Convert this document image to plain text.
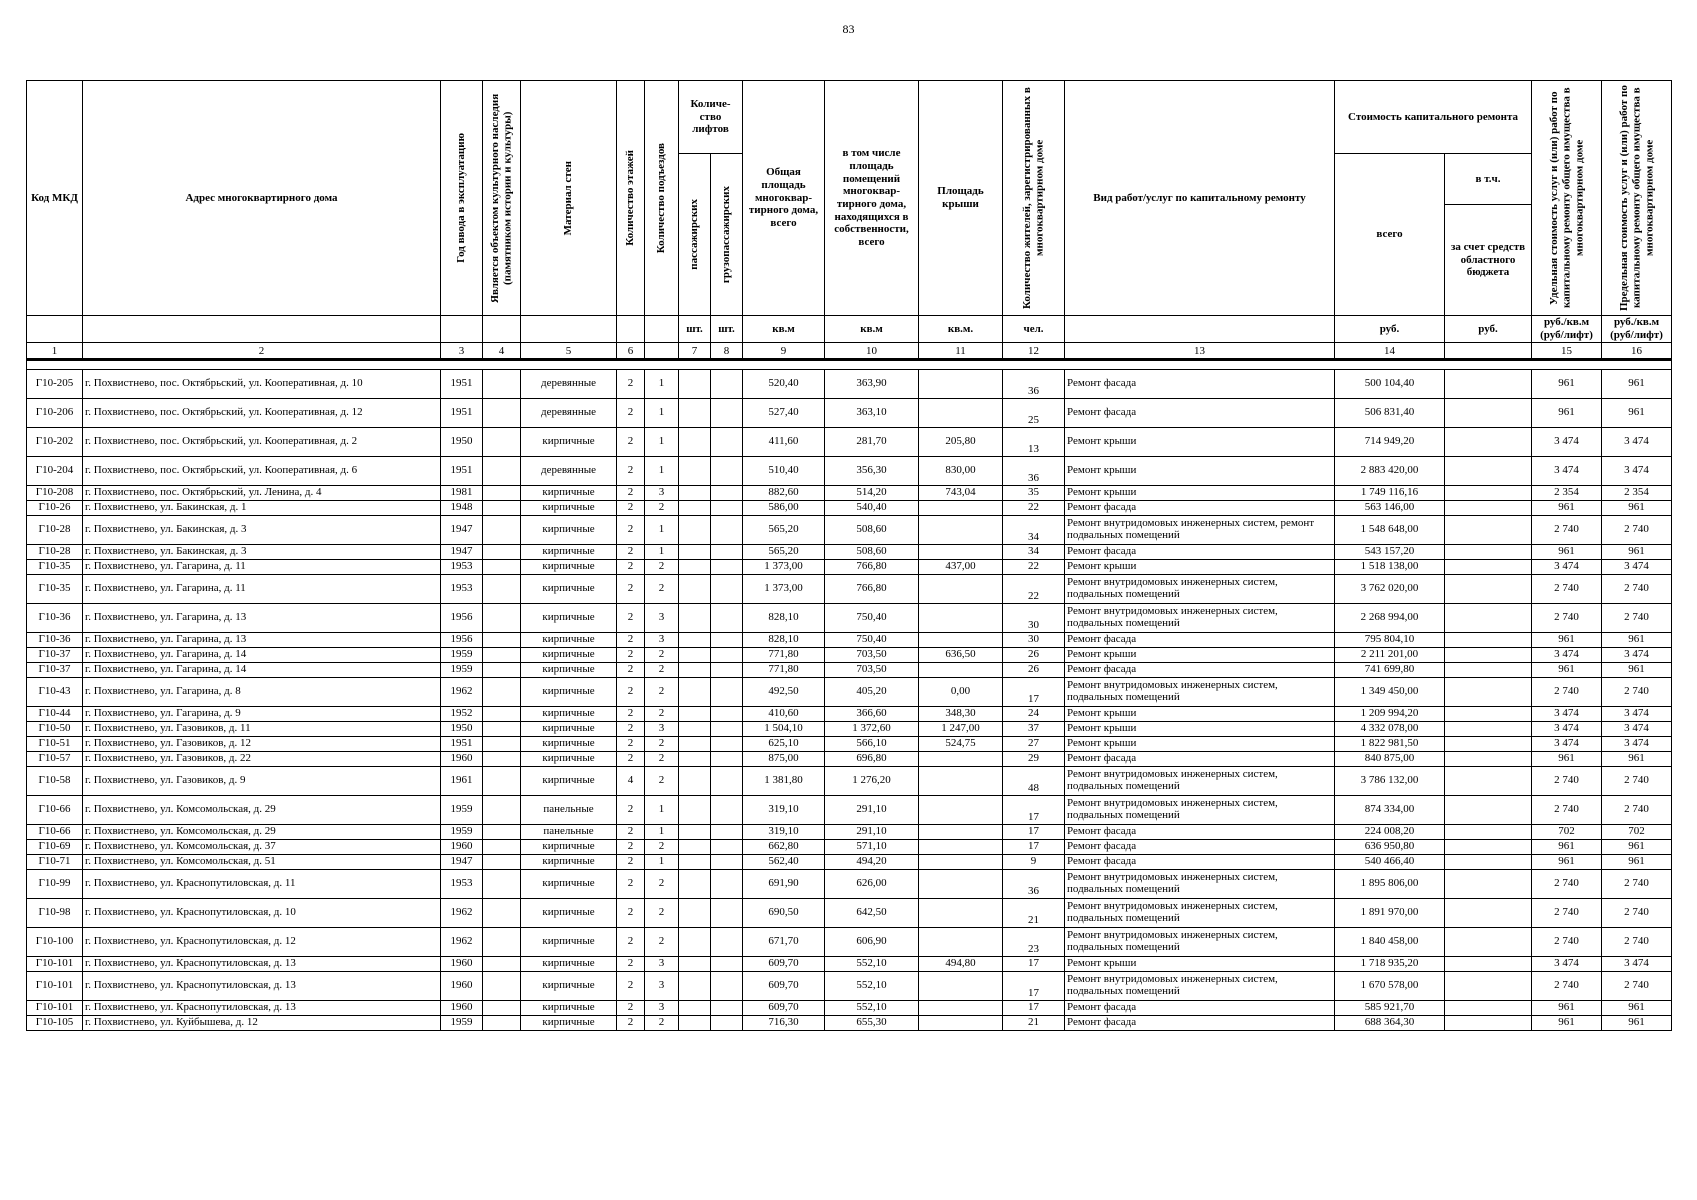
83
Код МКД	Адрес многоквартирного дома	Год ввода в эксплуатацию	Является объектом культурного наследия (памятником истории и культуры)	Материал стен	Количество этажей	Количество подъездов	Количе-ство лифтов		Общая площадь многоквар-тирного дома, всего	в том числе площадь помещений многоквар-тирного дома, находящихся в собственности, всего	Площадь крыши	Количество жителей, зарегистрированных в многоквартирном доме	Вид работ/услуг по капитальному ремонту	Стоимость капитального ремонта		Удельная стоимость услуг и (или) работ по капитальному ремонту общего имущества в многоквартирном доме	Предельная стоимость услуг и (или) работ по капитальному ремонту общего имущества в многоквартирном доме

							пассажирских	грузопассажирских						всего	в т.ч.		
															за счет средств областного бюджета		
							шт.	шт.	кв.м	кв.м	кв.м.	чел.		руб.	руб.	руб./кв.м (руб/лифт)	руб./кв.м (руб/лифт)
1	2	3	4	5	6		7	8	9	10	11	12	13	14		15	16

Г10-205	г. Похвистнево, пос. Октябрьский, ул. Кооперативная, д. 10	1951		деревянные	2	1			520,40	363,90		36	Ремонт фасада	500 104,40		961	961
Г10-206	г. Похвистнево, пос. Октябрьский, ул. Кооперативная, д. 12	1951		деревянные	2	1			527,40	363,10		25	Ремонт фасада	506 831,40		961	961
Г10-202	г. Похвистнево, пос. Октябрьский, ул. Кооперативная, д. 2	1950		кирпичные	2	1			411,60	281,70	205,80	13	Ремонт крыши	714 949,20		3 474	3 474
Г10-204	г. Похвистнево, пос. Октябрьский, ул. Кооперативная, д. 6	1951		деревянные	2	1			510,40	356,30	830,00	36	Ремонт крыши	2 883 420,00		3 474	3 474
Г10-208	г. Похвистнево, пос. Октябрьский, ул. Ленина, д. 4	1981		кирпичные	2	3			882,60	514,20	743,04	35	Ремонт крыши	1 749 116,16		2 354	2 354
Г10-26	г. Похвистнево, ул. Бакинская, д. 1	1948		кирпичные	2	2			586,00	540,40		22	Ремонт фасада	563 146,00		961	961
Г10-28	г. Похвистнево, ул. Бакинская, д. 3	1947		кирпичные	2	1			565,20	508,60		34	Ремонт внутридомовых инженерных систем, ремонт подвальных помещений	1 548 648,00		2 740	2 740
Г10-28	г. Похвистнево, ул. Бакинская, д. 3	1947		кирпичные	2	1			565,20	508,60		34	Ремонт фасада	543 157,20		961	961
Г10-35	г. Похвистнево, ул. Гагарина, д. 11	1953		кирпичные	2	2			1 373,00	766,80	437,00	22	Ремонт крыши	1 518 138,00		3 474	3 474
Г10-35	г. Похвистнево, ул. Гагарина, д. 11	1953		кирпичные	2	2			1 373,00	766,80		22	Ремонт внутридомовых инженерных систем, подвальных помещений	3 762 020,00		2 740	2 740
Г10-36	г. Похвистнево, ул. Гагарина, д. 13	1956		кирпичные	2	3			828,10	750,40		30	Ремонт внутридомовых инженерных систем, подвальных помещений	2 268 994,00		2 740	2 740
Г10-36	г. Похвистнево, ул. Гагарина, д. 13	1956		кирпичные	2	3			828,10	750,40		30	Ремонт фасада	795 804,10		961	961
Г10-37	г. Похвистнево, ул. Гагарина, д. 14	1959		кирпичные	2	2			771,80	703,50	636,50	26	Ремонт крыши	2 211 201,00		3 474	3 474
Г10-37	г. Похвистнево, ул. Гагарина, д. 14	1959		кирпичные	2	2			771,80	703,50		26	Ремонт фасада	741 699,80		961	961
Г10-43	г. Похвистнево, ул. Гагарина, д. 8	1962		кирпичные	2	2			492,50	405,20	0,00	17	Ремонт внутридомовых инженерных систем, подвальных помещений	1 349 450,00		2 740	2 740
Г10-44	г. Похвистнево, ул. Гагарина, д. 9	1952		кирпичные	2	2			410,60	366,60	348,30	24	Ремонт крыши	1 209 994,20		3 474	3 474
Г10-50	г. Похвистнево, ул. Газовиков, д. 11	1950		кирпичные	2	3			1 504,10	1 372,60	1 247,00	37	Ремонт крыши	4 332 078,00		3 474	3 474
Г10-51	г. Похвистнево, ул. Газовиков, д. 12	1951		кирпичные	2	2			625,10	566,10	524,75	27	Ремонт крыши	1 822 981,50		3 474	3 474
Г10-57	г. Похвистнево, ул. Газовиков, д. 22	1960		кирпичные	2	2			875,00	696,80		29	Ремонт фасада	840 875,00		961	961
Г10-58	г. Похвистнево, ул. Газовиков, д. 9	1961		кирпичные	4	2			1 381,80	1 276,20		48	Ремонт внутридомовых инженерных систем, подвальных помещений	3 786 132,00		2 740	2 740
Г10-66	г. Похвистнево, ул. Комсомольская, д. 29	1959		панельные	2	1			319,10	291,10		17	Ремонт внутридомовых инженерных систем, подвальных помещений	874 334,00		2 740	2 740
Г10-66	г. Похвистнево, ул. Комсомольская, д. 29	1959		панельные	2	1			319,10	291,10		17	Ремонт фасада	224 008,20		702	702
Г10-69	г. Похвистнево, ул. Комсомольская, д. 37	1960		кирпичные	2	2			662,80	571,10		17	Ремонт фасада	636 950,80		961	961
Г10-71	г. Похвистнево, ул. Комсомольская, д. 51	1947		кирпичные	2	1			562,40	494,20		9	Ремонт фасада	540 466,40		961	961
Г10-99	г. Похвистнево, ул. Краснопутиловская, д. 11	1953		кирпичные	2	2			691,90	626,00		36	Ремонт внутридомовых инженерных систем, подвальных помещений	1 895 806,00		2 740	2 740
Г10-98	г. Похвистнево, ул. Краснопутиловская, д. 10	1962		кирпичные	2	2			690,50	642,50		21	Ремонт внутридомовых инженерных систем, подвальных помещений	1 891 970,00		2 740	2 740
Г10-100	г. Похвистнево, ул. Краснопутиловская, д. 12	1962		кирпичные	2	2			671,70	606,90		23	Ремонт внутридомовых инженерных систем, подвальных помещений	1 840 458,00		2 740	2 740
Г10-101	г. Похвистнево, ул. Краснопутиловская, д. 13	1960		кирпичные	2	3			609,70	552,10	494,80	17	Ремонт крыши	1 718 935,20		3 474	3 474
Г10-101	г. Похвистнево, ул. Краснопутиловская, д. 13	1960		кирпичные	2	3			609,70	552,10		17	Ремонт внутридомовых инженерных систем, подвальных помещений	1 670 578,00		2 740	2 740
Г10-101	г. Похвистнево, ул. Краснопутиловская, д. 13	1960		кирпичные	2	3			609,70	552,10		17	Ремонт фасада	585 921,70		961	961
Г10-105	г. Похвистнево, ул. Куйбышева, д. 12	1959		кирпичные	2	2			716,30	655,30		21	Ремонт фасада	688 364,30		961	961
